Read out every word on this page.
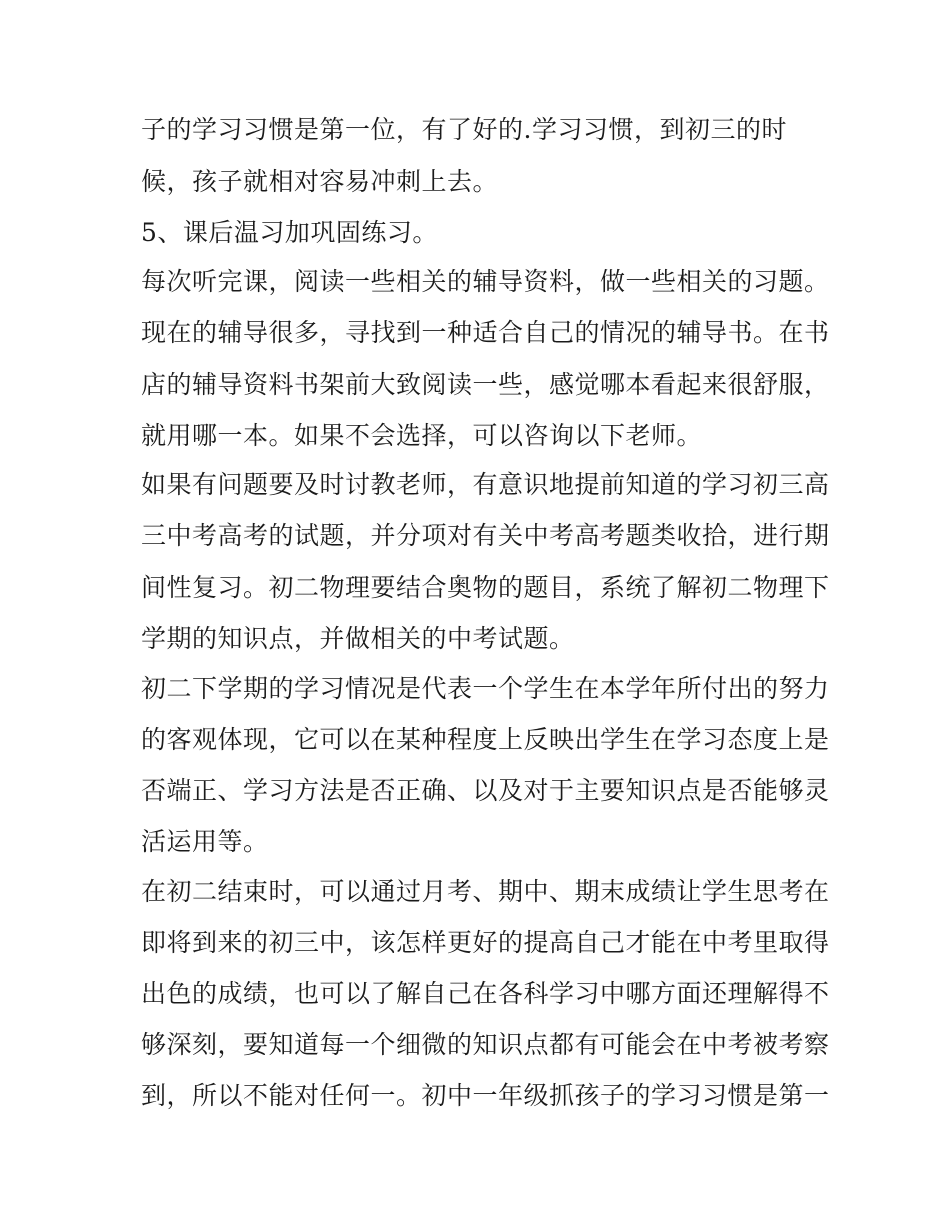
子的学习习惯是第一位，有了好的.学习习惯，到初三的时
候，孩子就相对容易冲刺上去。
5、课后温习加巩固练习。
每次听完课，阅读一些相关的辅导资料，做一些相关的习题。
现在的辅导很多，寻找到一种适合自己的情况的辅导书。在书
店的辅导资料书架前大致阅读一些，感觉哪本看起来很舒服，
就用哪一本。如果不会选择，可以咨询以下老师。
如果有问题要及时讨教老师，有意识地提前知道的学习初三高
三中考高考的试题，并分项对有关中考高考题类收拾，进行期
间性复习。初二物理要结合奥物的题目，系统了解初二物理下
学期的知识点，并做相关的中考试题。
初二下学期的学习情况是代表一个学生在本学年所付出的努力
的客观体现，它可以在某种程度上反映出学生在学习态度上是
否端正、学习方法是否正确、以及对于主要知识点是否能够灵
活运用等。
在初二结束时，可以通过月考、期中、期末成绩让学生思考在
即将到来的初三中，该怎样更好的提高自己才能在中考里取得
出色的成绩，也可以了解自己在各科学习中哪方面还理解得不
够深刻，要知道每一个细微的知识点都有可能会在中考被考察
到，所以不能对任何一。初中一年级抓孩子的学习习惯是第一
